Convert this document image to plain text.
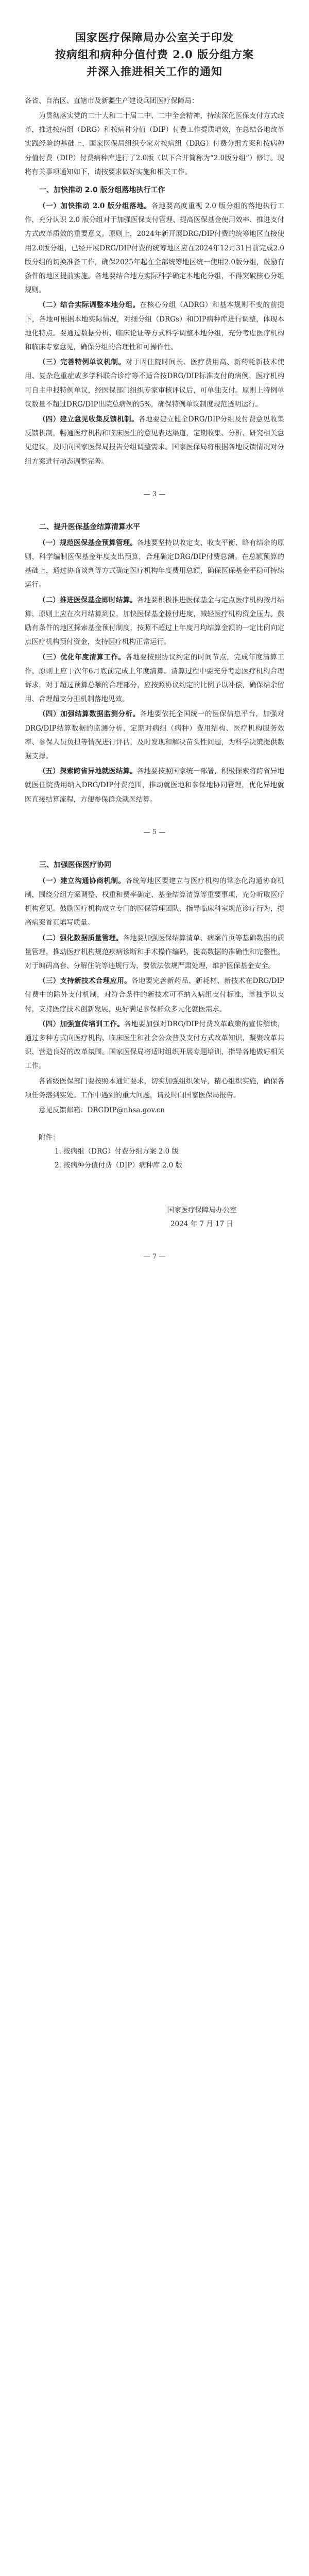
国家医疗保障局办公室关于印发
按病组和病种分值付费 2.0 版分组方案
并深入推进相关工作的通知
各省、自治区、直辖市及新疆生产建设兵团医疗保障局：

为贯彻落实党的二十大和二十届二中、二中全会精神，持续深化医保支付方式改革，推进按病组（DRG）和按病种分值（DIP）付费工作提质增效，在总结各地改革实践经验的基础上，国家医保局组织专家对按病组（DRG）付费分组方案和按病种分值付费（DIP）付费病种库进行了2.0版（以下合并简称为“2.0版分组”）修订。现将有关事项通知如下，请按要求做好实施和相关工作。

一、加快推动 2.0 版分组落地执行工作

（一）加快推动 2.0 版分组落地。各地要高度重视 2.0 版分组的落地执行工作，充分认识 2.0 版分组对于加强医保支付管理、提高医保基金使用效率、推进支付方式改革质效的重要意义。原则上，2024年新开展DRG/DIP付费的统筹地区直接使用2.0版分组，已经开展DRG/DIP付费的统筹地区应在2024年12月31日前完成2.0版分组的切换准备工作，确保2025年起在全部统筹地区统一使用2.0版分组，鼓励有条件的地区提前实施。各地要结合地方实际科学确定本地化分组，不得突破核心分组规则。

（二）结合实际调整本地分组。在核心分组（ADRG）和基本规则不变的前提下，各地可根据本地实际情况，对细分组（DRGs）和DIP病种库进行调整，体现本地化特点。要通过数据分析、临床论证等方式科学调整本地分组，充分考虑医疗机构和临床专家意见，确保分组的合理性和可操作性。

（三）完善特例单议机制。对于因住院时间长、医疗费用高、新药耗新技术使用、复杂危重症或多学科联合诊疗等不适合按DRG/DIP标准支付的病例，医疗机构可自主申报特例单议，经医保部门组织专家审核评议后，可单独支付。原则上特例单议数量不超过DRG/DIP出院总病例的5%，确保特例单议制度规范透明运行。

（四）建立意见收集反馈机制。各地要建立健全DRG/DIP分组及付费意见收集反馈机制，畅通医疗机构和临床医生的意见表达渠道，定期收集、分析、研究相关意见建议，及时向国家医保局报告分组调整需求。国家医保局将根据各地反馈情况对分组方案进行动态调整完善。

— 3 —
二、提升医保基金结算清算水平

（一）规范医保基金预算管理。各地要坚持以收定支、收支平衡、略有结余的原则，科学编制医保基金年度支出预算，合理确定DRG/DIP付费总额。在总额预算的基础上，通过协商谈判等方式确定医疗机构年度费用总额，确保医保基金平稳可持续运行。

（二）推进医保基金即时结算。各地要积极推进医保基金与定点医疗机构按月结算，原则上应在次月结算到位，加快医保基金拨付进度，减轻医疗机构资金压力。鼓励有条件的地区探索基金预付制度，按照不超过上年度月均结算金额的一定比例向定点医疗机构预付资金，支持医疗机构正常运行。

（三）优化年度清算工作。各地要按照协议约定的时间节点，完成年度清算工作，原则上应于次年6月底前完成上年度清算。清算过程中要充分考虑医疗机构合理诉求，对于超过预算总额的合理部分，应按照协议约定的比例予以补偿，确保结余留用、合理超支分担机制落地见效。

（四）加强结算数据监测分析。各地要依托全国统一的医保信息平台，加强对DRG/DIP结算数据的监测分析，定期对病组（病种）费用结构、医疗机构服务效率、参保人员负担等情况进行评估，及时发现和解决苗头性问题，为科学决策提供数据支撑。

（五）探索跨省异地就医结算。各地要按照国家统一部署，积极探索将跨省异地就医住院费用纳入DRG/DIP付费范围，推动就医地和参保地协同管理，优化异地就医直接结算流程，方便参保群众就医结算。

— 5 —
三、加强医保医疗协同

（一）建立沟通协商机制。各统筹地区要建立与医疗机构的常态化沟通协商机制，围绕分组方案调整、权重和费率确定、基金结算清算等重要事项，充分听取医疗机构意见。鼓励医疗机构成立专门的医保管理团队，指导临床科室规范诊疗行为，提高病案首页填写质量。

（二）强化数据质量管理。各地要加强医保结算清单、病案首页等基础数据的质量管理，推动医疗机构规范疾病诊断和手术操作编码，提高数据的准确性和完整性。对于编码高套、分解住院等违规行为，要依法依规严肃处理，维护医保基金安全。

（三）支持新技术合理应用。各地要完善新药品、新耗材、新技术在DRG/DIP付费中的除外支付机制，对符合条件的新技术可不纳入病组支付标准，单独予以支付，支持医疗技术创新发展，更好满足参保群众多元化就医需求。

（四）加强宣传培训工作。各地要加强对DRG/DIP付费改革政策的宣传解读，通过多种方式向医疗机构、临床医生和社会公众普及支付方式改革知识，凝聚改革共识，营造良好的改革氛围。国家医保局将适时组织开展专题培训，指导各地做好相关工作。

各省级医保部门要按照本通知要求，切实加强组织领导，精心组织实施，确保各项任务落到实处。工作中遇到的重大问题，请及时向国家医保局报告。

意见反馈邮箱：DRGDIP@nhsa.gov.cn

附件：
1. 按病组（DRG）付费分组方案 2.0 版
2. 按病种分值付费（DIP）病种库 2.0 版
国家医疗保障局办公室
2024 年 7 月 17 日
— 7 —
